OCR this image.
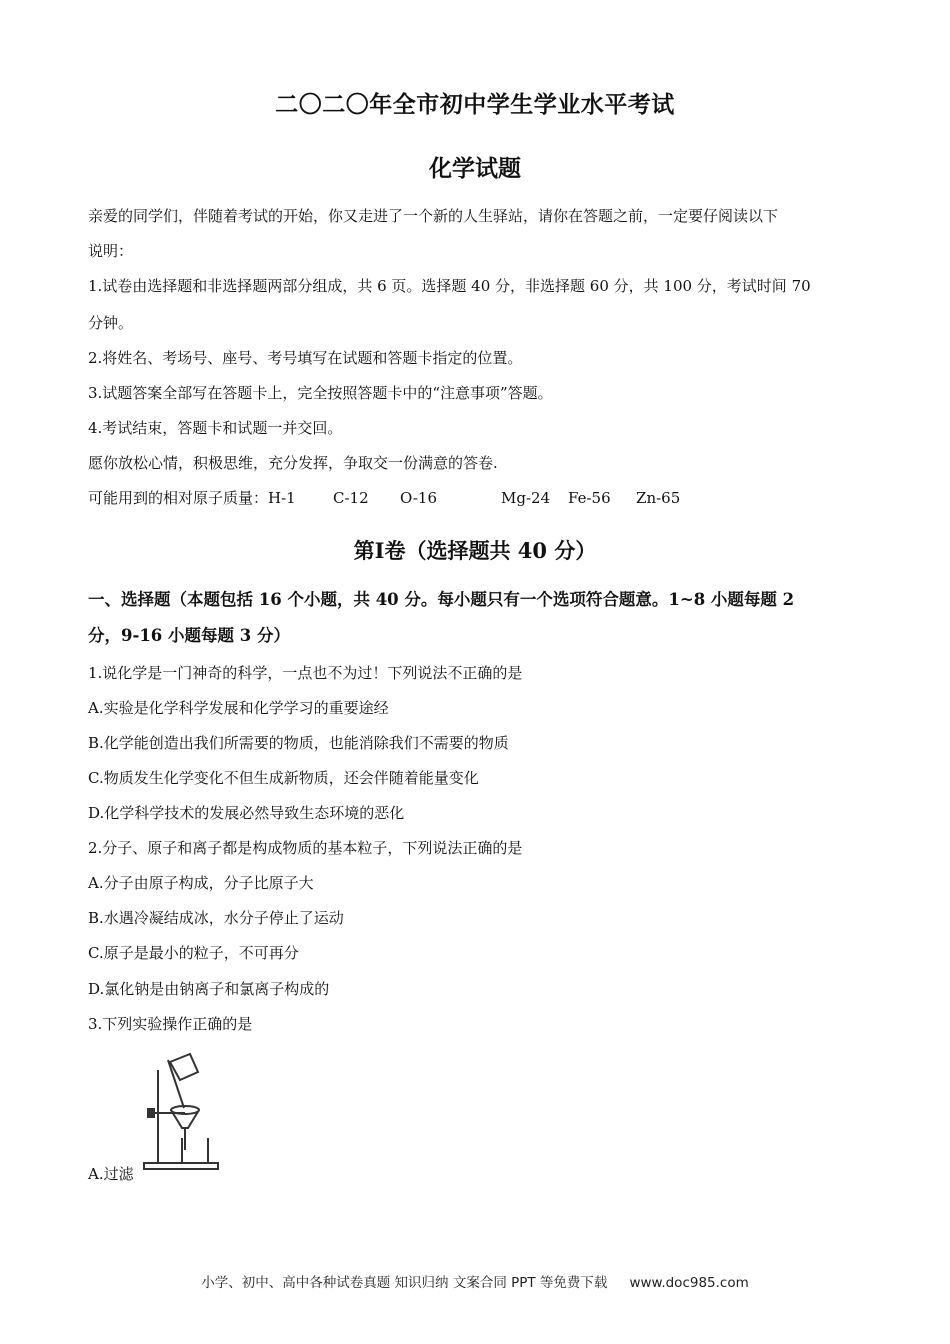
二〇二〇年全市初中学生学业水平考试
化学试题
亲爱的同学们，伴随着考试的开始，你又走进了一个新的人生驿站，请你在答题之前，一定要仔阅读以下
说明：
1.试卷由选择题和非选择题两部分组成，共 6 页。选择题 40 分，非选择题 60 分，共 100 分，考试时间 70
分钟。
2.将姓名、考场号、座号、考号填写在试题和答题卡指定的位置。
3.试题答案全部写在答题卡上，完全按照答题卡中的“注意事项”答题。
4.考试结束，答题卡和试题一并交回。
愿你放松心情，积极思维，充分发挥，争取交一份满意的答卷.
可能用到的相对原子质量： H-1	C-12	O-16	Mg-24	Fe-56	Zn-65
第Ⅰ卷（选择题共 40 分）
一、选择题（本题包括 16 个小题，共 40 分。每小题只有一个选项符合题意。1~8 小题每题 2
分，9-16 小题每题 3 分）
1.说化学是一门神奇的科学，一点也不为过！下列说法不正确的是
A.实验是化学科学发展和化学学习的重要途经
B.化学能创造出我们所需要的物质，也能消除我们不需要的物质
C.物质发生化学变化不但生成新物质，还会伴随着能量变化
D.化学科学技术的发展必然导致生态环境的恶化
2.分子、原子和离子都是构成物质的基本粒子，下列说法正确的是
A.分子由原子构成，分子比原子大
B.水遇冷凝结成冰，水分子停止了运动
C.原子是最小的粒子，不可再分
D.氯化钠是由钠离子和氯离子构成的
3.下列实验操作正确的是
A.过滤
小学、初中、高中各种试卷真题 知识归纳 文案合同 PPT 等免费下载 www.doc985.com
